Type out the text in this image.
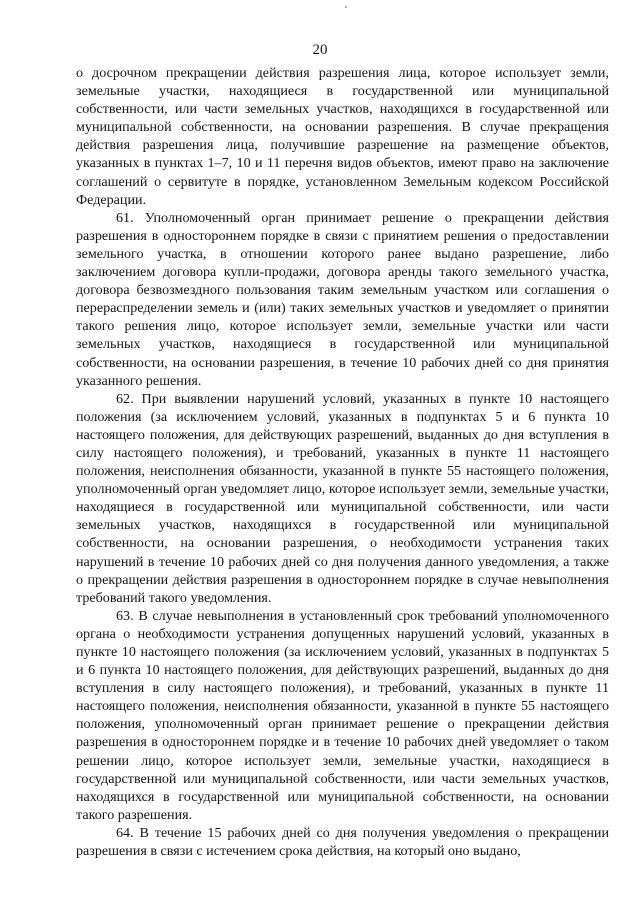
20

о досрочном прекращении действия разрешения лица, которое использует земли, земельные участки, находящиеся в государственной или муниципальной собственности, или части земельных участков, находящихся в государственной или муниципальной собственности, на основании разрешения. В случае прекращения действия разрешения лица, получившие разрешение на размещение объектов, указанных в пунктах 1–7, 10 и 11 перечня видов объектов, имеют право на заключение соглашений о сервитуте в порядке, установленном Земельным кодексом Российской Федерации.

61. Уполномоченный орган принимает решение о прекращении действия разрешения в одностороннем порядке в связи с принятием решения о предоставлении земельного участка, в отношении которого ранее выдано разрешение, либо заключением договора купли-продажи, договора аренды такого земельного участка, договора безвозмездного пользования таким земельным участком или соглашения о перераспределении земель и (или) таких земельных участков и уведомляет о принятии такого решения лицо, которое использует земли, земельные участки или части земельных участков, находящиеся в государственной или муниципальной собственности, на основании разрешения, в течение 10 рабочих дней со дня принятия указанного решения.

62. При выявлении нарушений условий, указанных в пункте 10 настоящего положения (за исключением условий, указанных в подпунктах 5 и 6 пункта 10 настоящего положения, для действующих разрешений, выданных до дня вступления в силу настоящего положения), и требований, указанных в пункте 11 настоящего положения, неисполнения обязанности, указанной в пункте 55 настоящего положения, уполномоченный орган уведомляет лицо, которое использует земли, земельные участки, находящиеся в государственной или муниципальной собственности, или части земельных участков, находящихся в государственной или муниципальной собственности, на основании разрешения, о необходимости устранения таких нарушений в течение 10 рабочих дней со дня получения данного уведомления, а также о прекращении действия разрешения в одностороннем порядке в случае невыполнения требований такого уведомления.

63. В случае невыполнения в установленный срок требований уполномоченного органа о необходимости устранения допущенных нарушений условий, указанных в пункте 10 настоящего положения (за исключением условий, указанных в подпунктах 5 и 6 пункта 10 настоящего положения, для действующих разрешений, выданных до дня вступления в силу настоящего положения), и требований, указанных в пункте 11 настоящего положения, неисполнения обязанности, указанной в пункте 55 настоящего положения, уполномоченный орган принимает решение о прекращении действия разрешения в одностороннем порядке и в течение 10 рабочих дней уведомляет о таком решении лицо, которое использует земли, земельные участки, находящиеся в государственной или муниципальной собственности, или части земельных участков, находящихся в государственной или муниципальной собственности, на основании такого разрешения.

64. В течение 15 рабочих дней со дня получения уведомления о прекращении разрешения в связи с истечением срока действия, на который оно выдано,
